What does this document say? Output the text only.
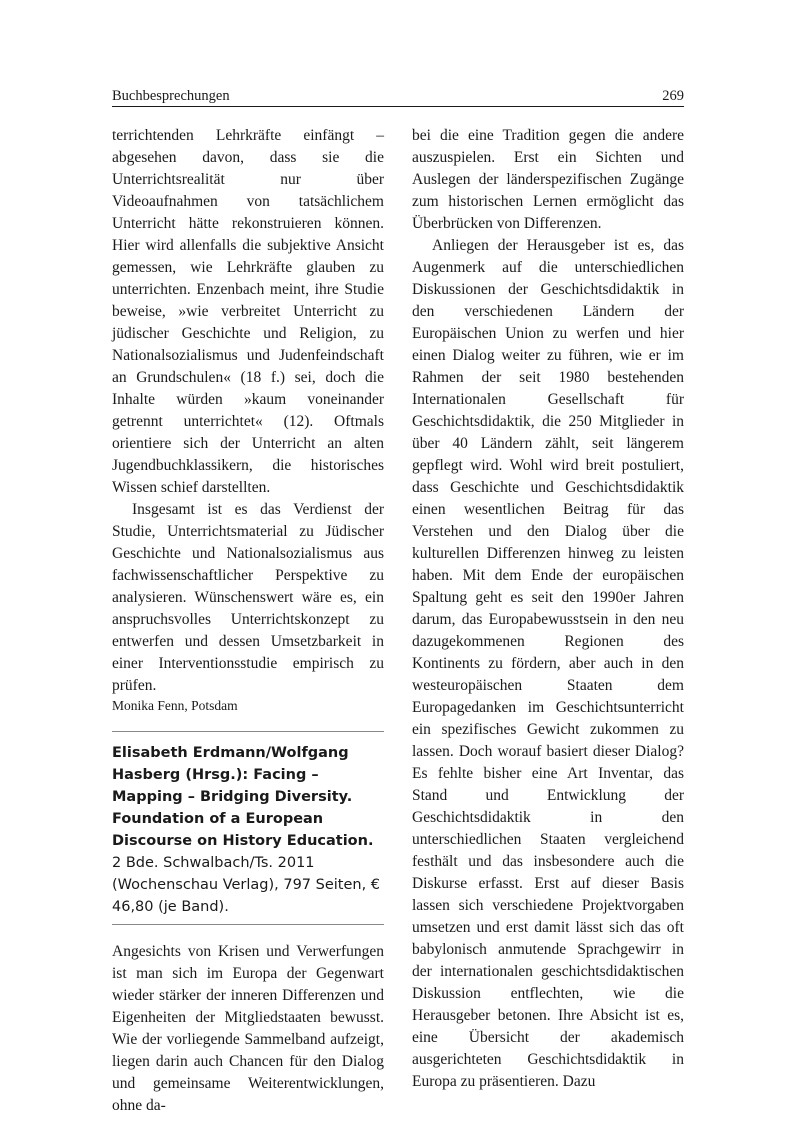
Buchbesprechungen	269

terrichtenden Lehrkräfte einfängt – abgesehen davon, dass sie die Unterrichtsrealität nur über Videoaufnahmen von tatsächlichem Unterricht hätte rekonstruieren können. Hier wird allenfalls die subjektive Ansicht gemessen, wie Lehrkräfte glauben zu unterrichten. Enzenbach meint, ihre Studie beweise, »wie verbreitet Unterricht zu jüdischer Geschichte und Religion, zu Nationalsozialismus und Judenfeindschaft an Grundschulen« (18 f.) sei, doch die Inhalte würden »kaum voneinander getrennt unterrichtet« (12). Oftmals orientiere sich der Unterricht an alten Jugendbuchklassikern, die historisches Wissen schief darstellten.

Insgesamt ist es das Verdienst der Studie, Unterrichtsmaterial zu Jüdischer Geschichte und Nationalsozialismus aus fachwissenschaftlicher Perspektive zu analysieren. Wünschenswert wäre es, ein anspruchsvolles Unterrichtskonzept zu entwerfen und dessen Umsetzbarkeit in einer Interventionsstudie empirisch zu prüfen.

Monika Fenn, Potsdam

Elisabeth Erdmann/Wolfgang Hasberg (Hrsg.): Facing – Mapping – Bridging Diversity. Foundation of a European Discourse on History Education. 2 Bde. Schwalbach/Ts. 2011 (Wochenschau Verlag), 797 Seiten, € 46,80 (je Band).

Angesichts von Krisen und Verwerfungen ist man sich im Europa der Gegenwart wieder stärker der inneren Differenzen und Eigenheiten der Mitgliedstaaten bewusst. Wie der vorliegende Sammelband aufzeigt, liegen darin auch Chancen für den Dialog und gemeinsame Weiterentwicklungen, ohne da-

bei die eine Tradition gegen die andere auszuspielen. Erst ein Sichten und Auslegen der länderspezifischen Zugänge zum historischen Lernen ermöglicht das Überbrücken von Differenzen.

Anliegen der Herausgeber ist es, das Augenmerk auf die unterschiedlichen Diskussionen der Geschichtsdidaktik in den verschiedenen Ländern der Europäischen Union zu werfen und hier einen Dialog weiter zu führen, wie er im Rahmen der seit 1980 bestehenden Internationalen Gesellschaft für Geschichtsdidaktik, die 250 Mitglieder in über 40 Ländern zählt, seit längerem gepflegt wird. Wohl wird breit postuliert, dass Geschichte und Geschichtsdidaktik einen wesentlichen Beitrag für das Verstehen und den Dialog über die kulturellen Differenzen hinweg zu leisten haben. Mit dem Ende der europäischen Spaltung geht es seit den 1990er Jahren darum, das Europabewusstsein in den neu dazugekommenen Regionen des Kontinents zu fördern, aber auch in den westeuropäischen Staaten dem Europagedanken im Geschichtsunterricht ein spezifisches Gewicht zukommen zu lassen. Doch worauf basiert dieser Dialog? Es fehlte bisher eine Art Inventar, das Stand und Entwicklung der Geschichtsdidaktik in den unterschiedlichen Staaten vergleichend festhält und das insbesondere auch die Diskurse erfasst. Erst auf dieser Basis lassen sich verschiedene Projektvorgaben umsetzen und erst damit lässt sich das oft babylonisch anmutende Sprachgewirr in der internationalen geschichtsdidaktischen Diskussion entflechten, wie die Herausgeber betonen. Ihre Absicht ist es, eine Übersicht der akademisch ausgerichteten Geschichtsdidaktik in Europa zu präsentieren. Dazu
